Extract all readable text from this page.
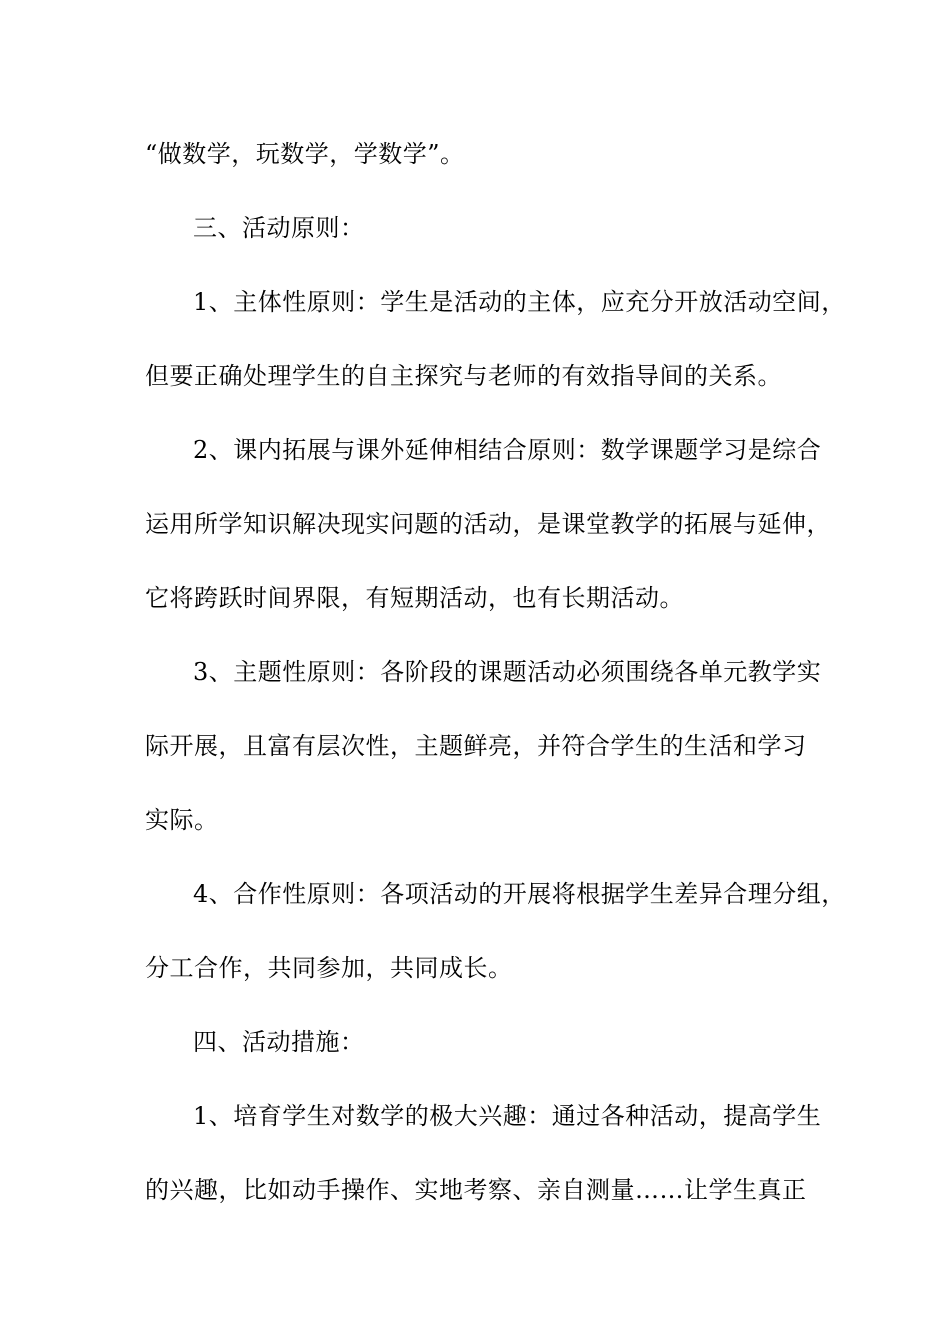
“做数学，玩数学，学数学”。
三、活动原则：
1、主体性原则：学生是活动的主体，应充分开放活动空间，
但要正确处理学生的自主探究与老师的有效指导间的关系。
2、课内拓展与课外延伸相结合原则：数学课题学习是综合
运用所学知识解决现实问题的活动，是课堂教学的拓展与延伸，
它将跨跃时间界限，有短期活动，也有长期活动。
3、主题性原则：各阶段的课题活动必须围绕各单元教学实
际开展，且富有层次性，主题鲜亮，并符合学生的生活和学习
实际。
4、合作性原则：各项活动的开展将根据学生差异合理分组，
分工合作，共同参加，共同成长。
四、活动措施：
1、培育学生对数学的极大兴趣：通过各种活动，提高学生
的兴趣，比如动手操作、实地考察、亲自测量……让学生真正
